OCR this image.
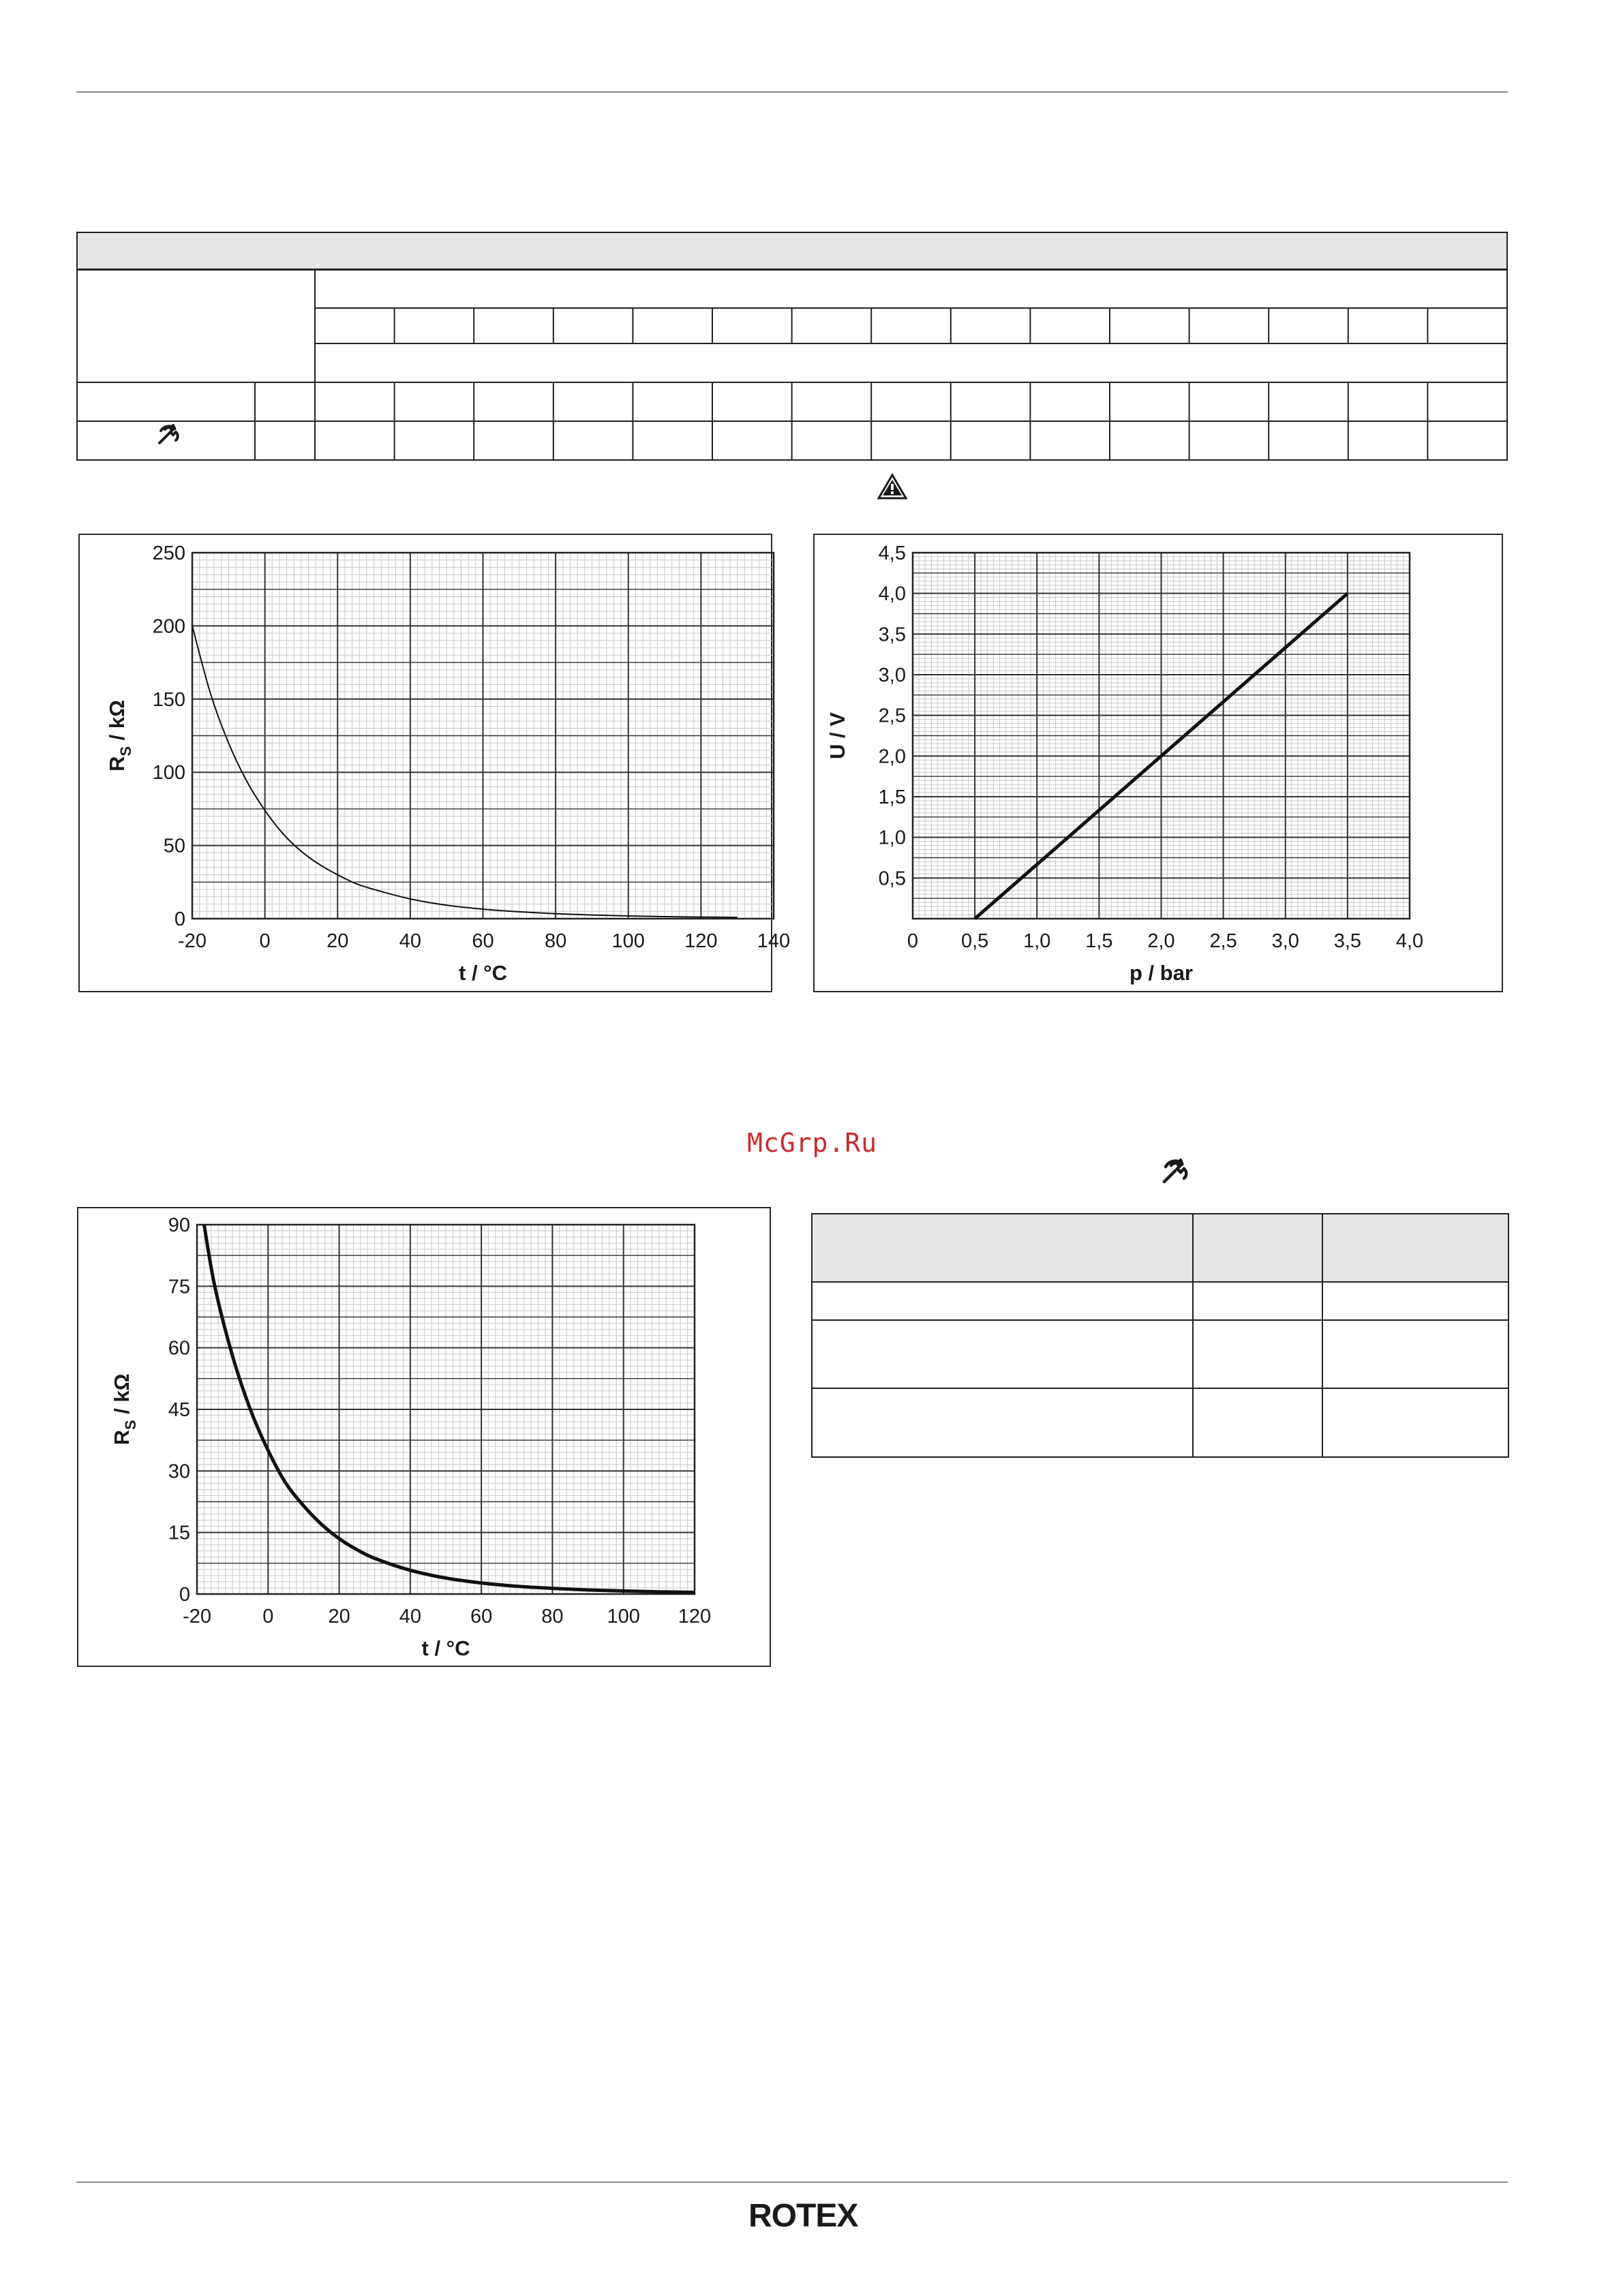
-20	0	20	40	60	80 100 120 140
0
50
100
150
200
250
t / °C
$R_S$ / kΩ
0 0,5 1,0 1,5 2,0 2,5 3,0 3,5 4,0
0,5
1,0
1,5
2,0
2,5
3,0
3,5
4,0
4,5
p / bar
U / V
McGrp.Ru
-20	0	20 40 60 80 100 120
0
15
30
45
60
75
90
t / °C
$R_S$ / kΩ
ROTEX
